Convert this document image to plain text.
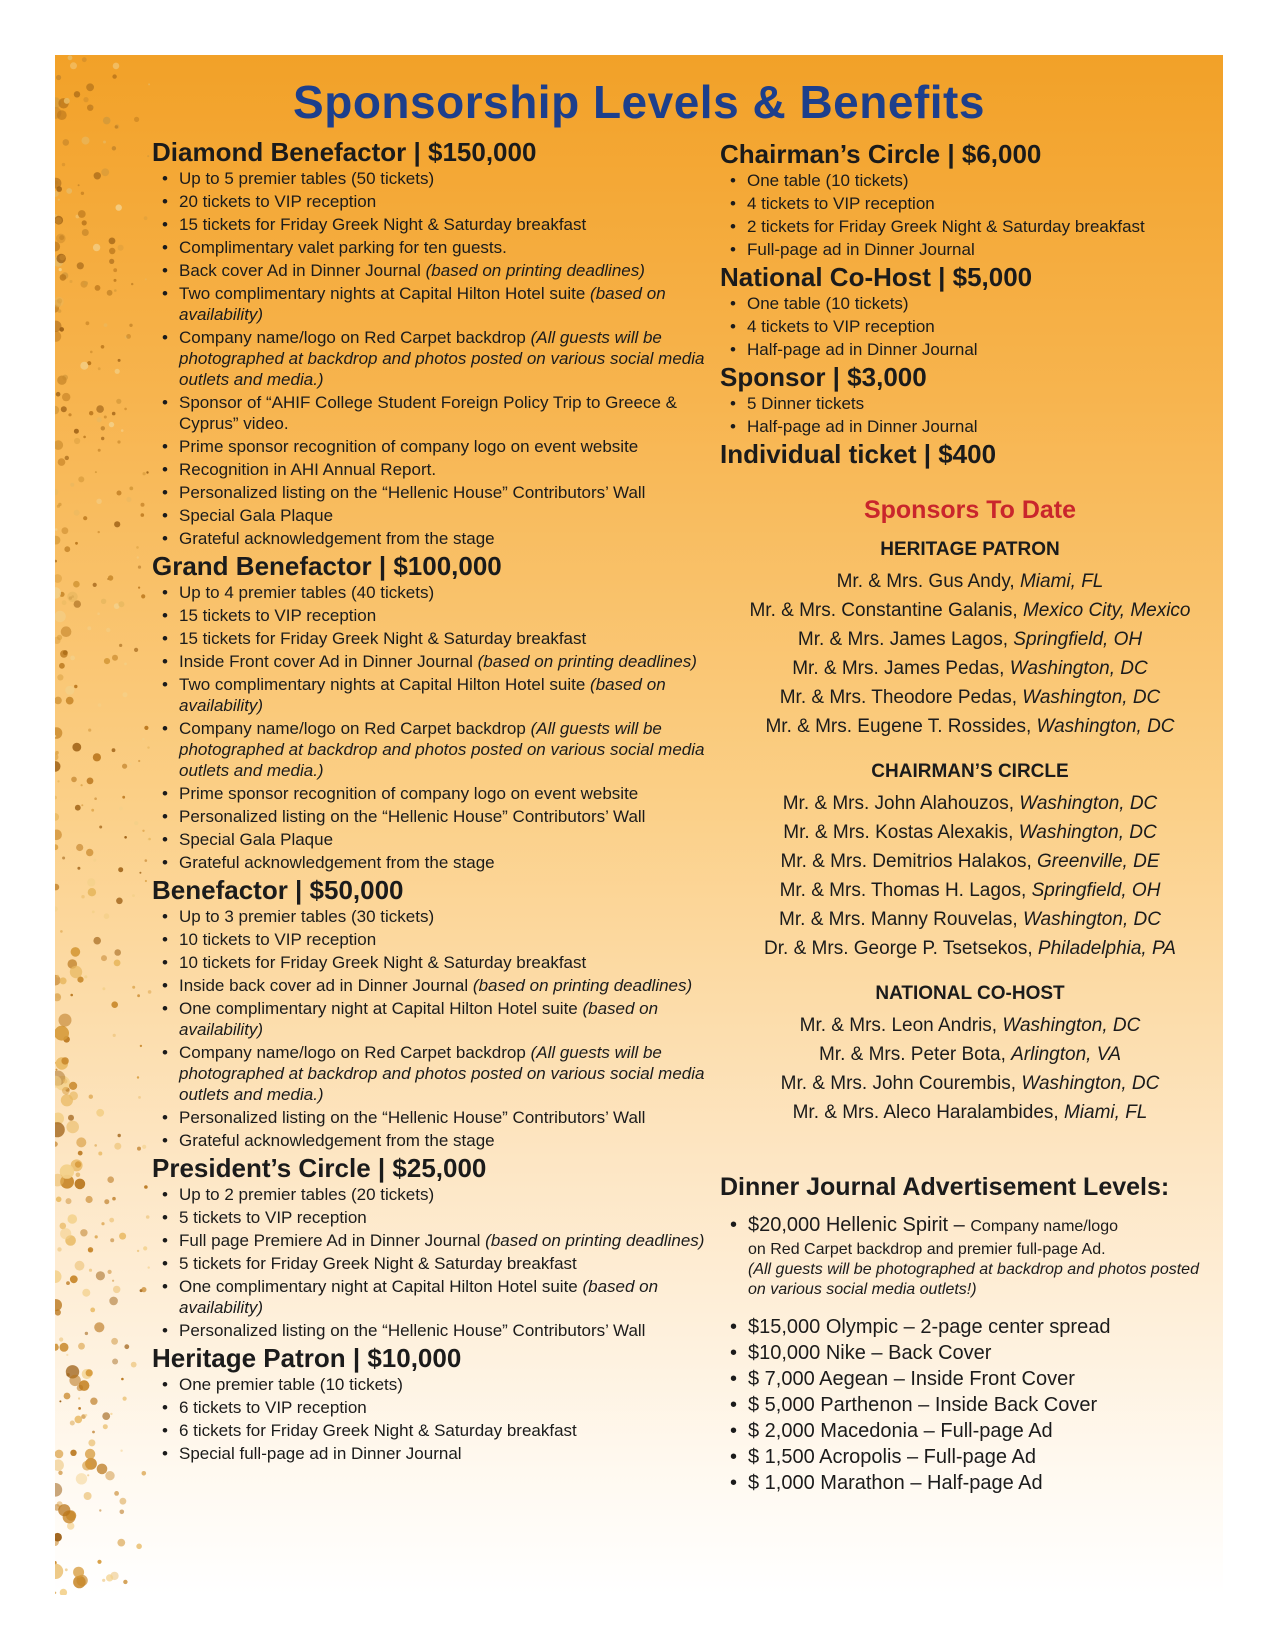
Sponsorship Levels & Benefits
Diamond Benefactor | $150,000
• Up to 5 premier tables (50 tickets)
• 20 tickets to VIP reception
• 15 tickets for Friday Greek Night & Saturday breakfast
• Complimentary valet parking for ten guests.
• Back cover Ad in Dinner Journal (based on printing deadlines)
• Two complimentary nights at Capital Hilton Hotel suite (based on availability)
• Company name/logo on Red Carpet backdrop (All guests will be photographed at backdrop and photos posted on various social media outlets and media.)
• Sponsor of “AHIF College Student Foreign Policy Trip to Greece & Cyprus” video.
• Prime sponsor recognition of company logo on event website
• Recognition in AHI Annual Report.
• Personalized listing on the “Hellenic House” Contributors’ Wall
• Special Gala Plaque
• Grateful acknowledgement from the stage
Grand Benefactor | $100,000
• Up to 4 premier tables (40 tickets)
• 15 tickets to VIP reception
• 15 tickets for Friday Greek Night & Saturday breakfast
• Inside Front cover Ad in Dinner Journal (based on printing deadlines)
• Two complimentary nights at Capital Hilton Hotel suite (based on availability)
• Company name/logo on Red Carpet backdrop (All guests will be photographed at backdrop and photos posted on various social media outlets and media.)
• Prime sponsor recognition of company logo on event website
• Personalized listing on the “Hellenic House” Contributors’ Wall
• Special Gala Plaque
• Grateful acknowledgement from the stage
Benefactor | $50,000
• Up to 3 premier tables (30 tickets)
• 10 tickets to VIP reception
• 10 tickets for Friday Greek Night & Saturday breakfast
• Inside back cover ad in Dinner Journal (based on printing deadlines)
• One complimentary night at Capital Hilton Hotel suite (based on availability)
• Company name/logo on Red Carpet backdrop (All guests will be photographed at backdrop and photos posted on various social media outlets and media.)
• Personalized listing on the “Hellenic House” Contributors’ Wall
• Grateful acknowledgement from the stage
President’s Circle | $25,000
• Up to 2 premier tables (20 tickets)
• 5 tickets to VIP reception
• Full page Premiere Ad in Dinner Journal (based on printing deadlines)
• 5 tickets for Friday Greek Night & Saturday breakfast
• One complimentary night at Capital Hilton Hotel suite (based on availability)
• Personalized listing on the “Hellenic House” Contributors’ Wall
Heritage Patron | $10,000
• One premier table (10 tickets)
• 6 tickets to VIP reception
• 6 tickets for Friday Greek Night & Saturday breakfast
• Special full-page ad in Dinner Journal
Chairman’s Circle | $6,000
• One table (10 tickets)
• 4 tickets to VIP reception
• 2 tickets for Friday Greek Night & Saturday breakfast
• Full-page ad in Dinner Journal
National Co-Host | $5,000
• One table (10 tickets)
• 4 tickets to VIP reception
• Half-page ad in Dinner Journal
Sponsor | $3,000
• 5 Dinner tickets
• Half-page ad in Dinner Journal
Individual ticket | $400
Sponsors To Date
HERITAGE PATRON
Mr. & Mrs. Gus Andy, Miami, FL
Mr. & Mrs. Constantine Galanis, Mexico City, Mexico
Mr. & Mrs. James Lagos, Springfield, OH
Mr. & Mrs. James Pedas, Washington, DC
Mr. & Mrs. Theodore Pedas, Washington, DC
Mr. & Mrs. Eugene T. Rossides, Washington, DC
CHAIRMAN’S CIRCLE
Mr. & Mrs. John Alahouzos, Washington, DC
Mr. & Mrs. Kostas Alexakis, Washington, DC
Mr. & Mrs. Demitrios Halakos, Greenville, DE
Mr. & Mrs. Thomas H. Lagos, Springfield, OH
Mr. & Mrs. Manny Rouvelas, Washington, DC
Dr. & Mrs. George P. Tsetsekos, Philadelphia, PA
NATIONAL CO-HOST
Mr. & Mrs. Leon Andris, Washington, DC
Mr. & Mrs. Peter Bota, Arlington, VA
Mr. & Mrs. John Courembis, Washington, DC
Mr. & Mrs. Aleco Haralambides, Miami, FL
Dinner Journal Advertisement Levels:
• $20,000 Hellenic Spirit – Company name/logo
on Red Carpet backdrop and premier full-page Ad.
(All guests will be photographed at backdrop and photos posted on various social media outlets!)
• $15,000 Olympic – 2-page center spread
• $10,000 Nike – Back Cover
• $ 7,000 Aegean – Inside Front Cover
• $ 5,000 Parthenon – Inside Back Cover
• $ 2,000 Macedonia – Full-page Ad
• $ 1,500 Acropolis – Full-page Ad
• $ 1,000 Marathon – Half-page Ad
